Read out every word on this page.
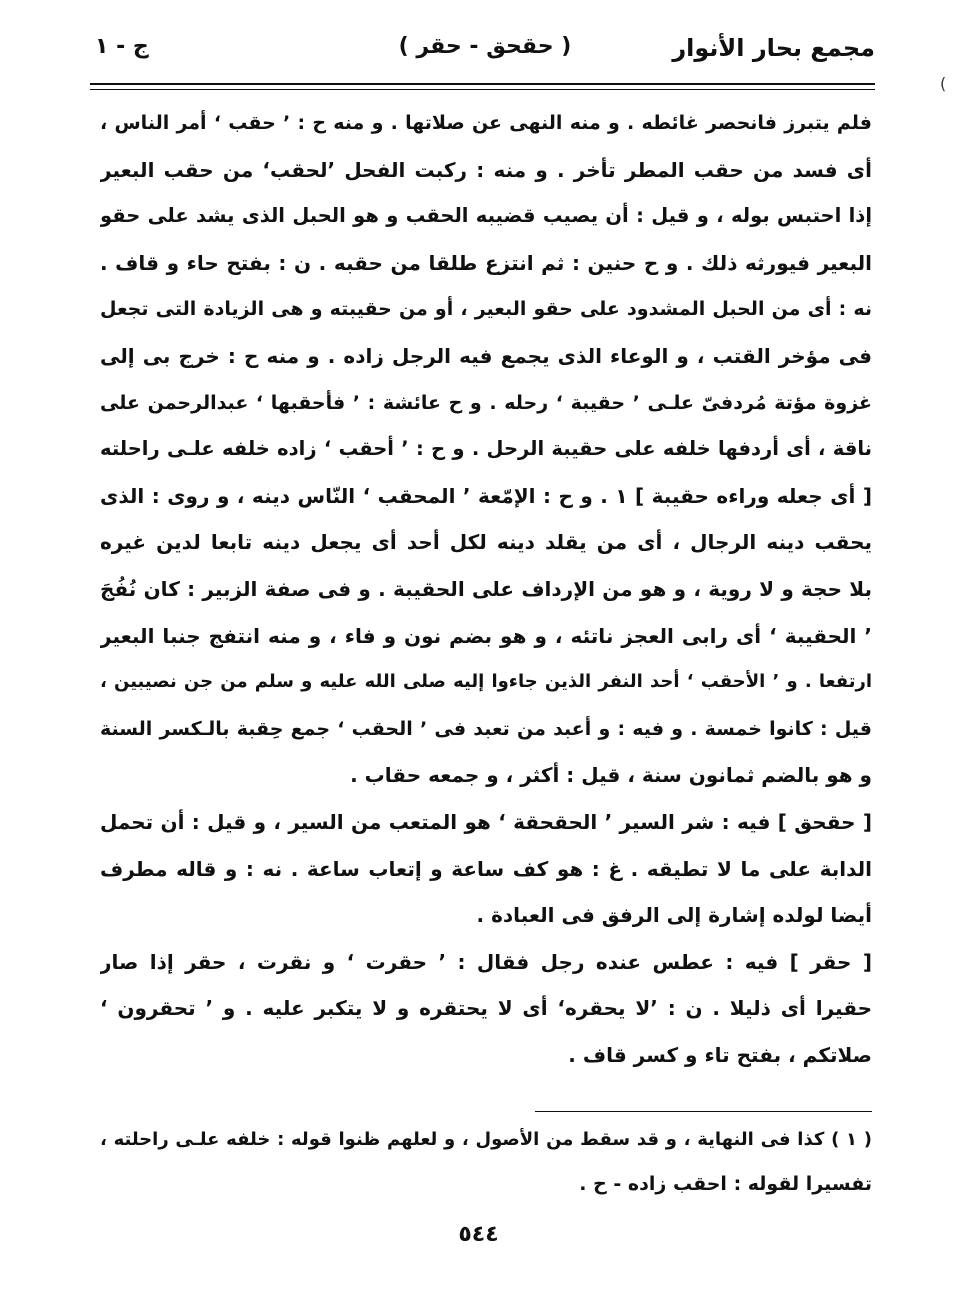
مجمع بحار الأنوار
( حقحق - حقر )
ج - ١
(
فلم يتبرز فانحصر غائطه . و منه النهى عن صلاتها . و منه ح : ’ حقب ‘ أمر الناس ،
أى فسد من حقب المطر تأخر . و منه : ركبت الفحل ’لحقب‘ من حقب البعير
إذا احتبس بوله ، و قيل : أن يصيب قضيبه الحقب و هو الحبل الذى يشد على حقو
البعير فيورثه ذلك . و ح حنين : ثم انتزع طلقا من حقبه . ن : بفتح حاء و قاف .
نه : أى من الحبل المشدود على حقو البعير ، أو من حقيبته و هى الزيادة التى تجعل
فى مؤخر القتب ، و الوعاء الذى يجمع فيه الرجل زاده . و منه ح : خرج بى إلى
غزوة مؤتة مُردفىّ علـى ’ حقيبة ‘ رحله . و ح عائشة : ’ فأحقبها ‘ عبدالرحمن على
ناقة ، أى أردفها خلفه على حقيبة الرحل . و ح : ’ أحقب ‘ زاده خلفه علـى راحلته
[ أى جعله وراءه حقيبة ] ١ . و ح : الإمّعة ’ المحقب ‘ النّاس دينه ، و روى : الذى
يحقب دينه الرجال ، أى من يقلد دينه لكل أحد أى يجعل دينه تابعا لدين غيره
بلا حجة و لا روية ، و هو من الإرداف على الحقيبة . و فى صفة الزبير : كان نُفُجَ
’ الحقيبة ‘ أى رابى العجز ناتئه ، و هو بضم نون و فاء ، و منه انتفج جنبا البعير
ارتفعا . و ’ الأحقب ‘ أحد النفر الذين جاءوا إليه صلى الله عليه و سلم من جن نصيبين ،
قيل : كانوا خمسة . و فيه : و أعبد من تعبد فى ’ الحقب ‘ جمع حِقبة بالـكسر السنة
و هو بالضم ثمانون سنة ، قيل : أكثر ، و جمعه حقاب .
[ حقحق ] فيه : شر السير ’ الحقحقة ‘ هو المتعب من السير ، و قيل : أن تحمل
الدابة على ما لا تطيقه . غ : هو كف ساعة و إتعاب ساعة . نه : و قاله مطرف
أيضا لولده إشارة إلى الرفق فى العبادة .
[ حقر ] فيه : عطس عنده رجل فقال : ’ حقرت ‘ و نقرت ، حقر إذا صار
حقيرا أى ذليلا . ن : ’لا يحقره‘ أى لا يحتقره و لا يتكبر عليه . و ’ تحقرون ‘
صلاتكم ، بفتح تاء و كسر قاف .
( ١ ) كذا فى النهاية ، و قد سقط من الأصول ، و لعلهم ظنوا قوله : خلفه علـى راحلته ،
تفسيرا لقوله : احقب زاده - ح .
٥٤٤
